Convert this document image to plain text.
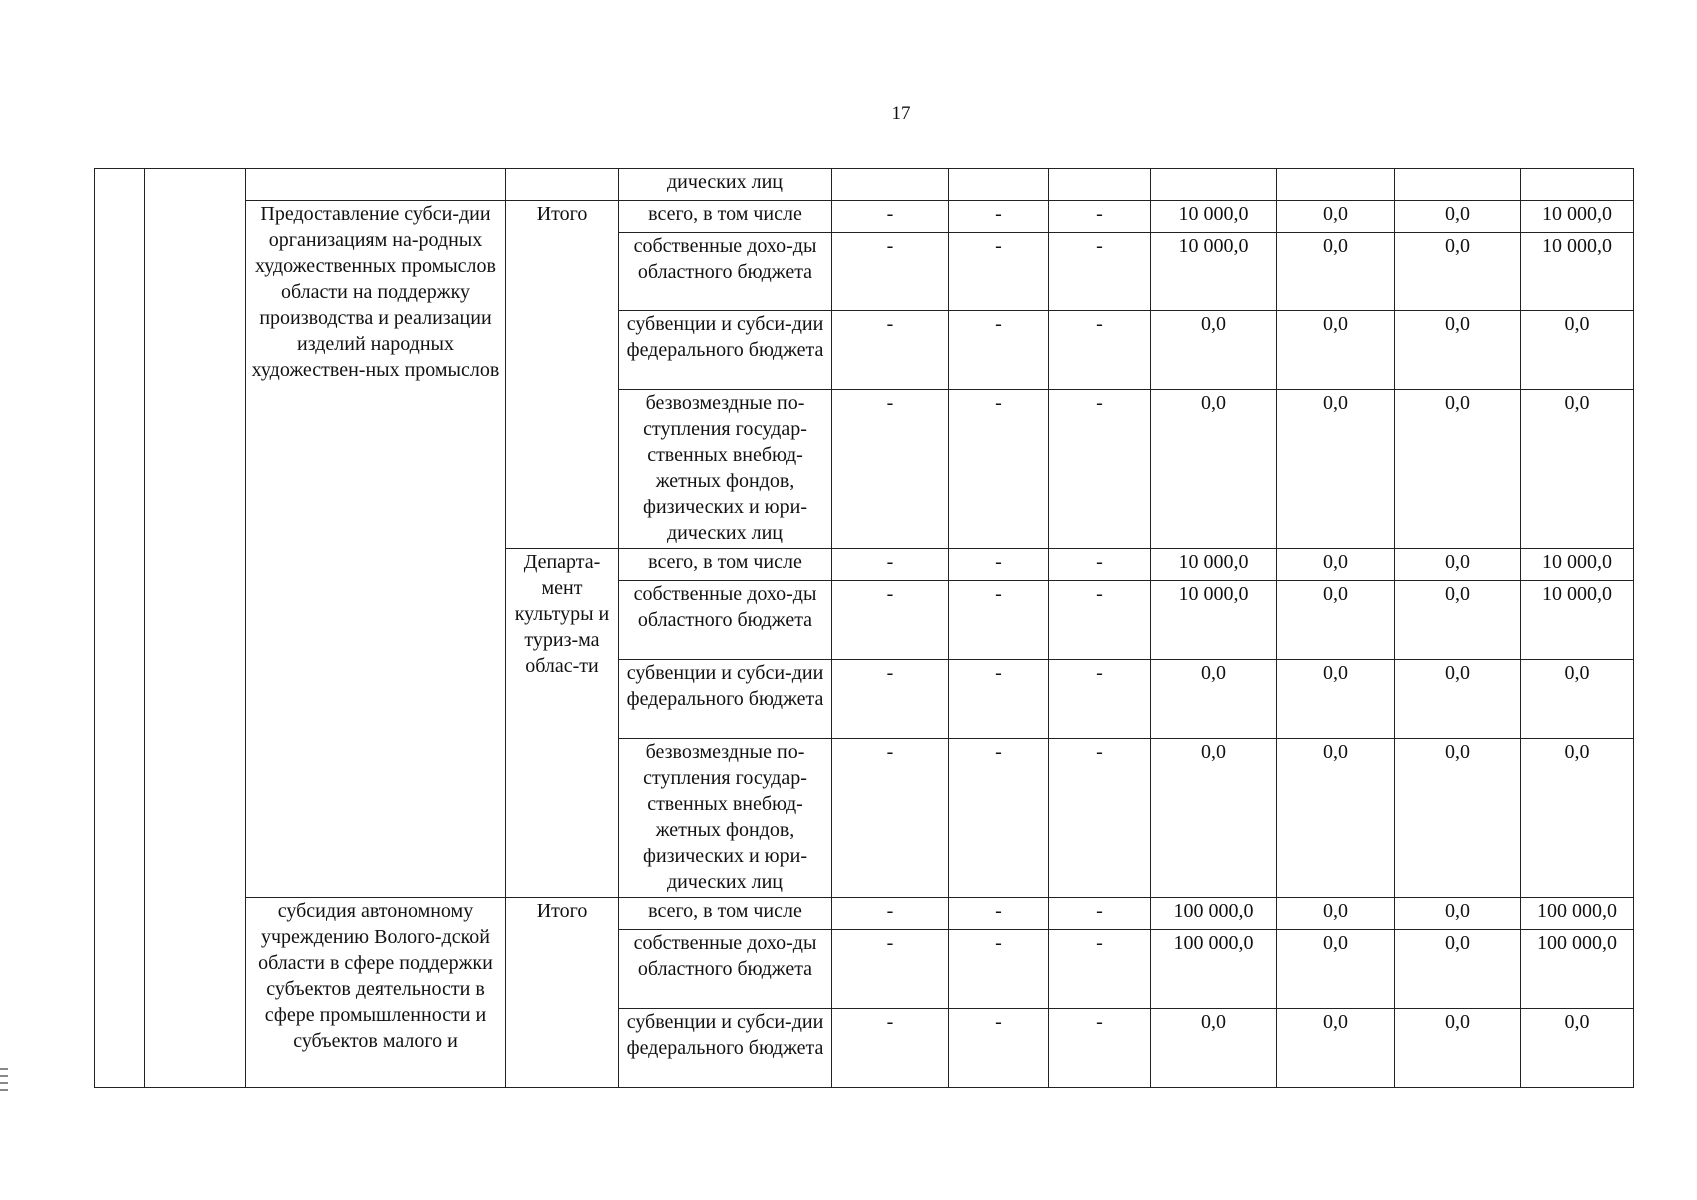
17
				дических лиц							
		Предоставление субси-дии организациям на-родных художественных промыслов области на поддержку производства и реализации изделий народных художествен-ных промыслов	Итого	всего, в том числе	-	-	-	10 000,0	0,0	0,0	10 000,0
				собственные дохо-ды областного бюджета	-	-	-	10 000,0	0,0	0,0	10 000,0
				субвенции и субси-дии федерального бюджета	-	-	-	0,0	0,0	0,0	0,0
				безвозмездные по-ступления государ-ственных внебюд-жетных фондов, физических и юри-дических лиц	-	-	-	0,0	0,0	0,0	0,0
			Департа-мент культуры и туриз-ма облас-ти	всего, в том числе	-	-	-	10 000,0	0,0	0,0	10 000,0
				собственные дохо-ды областного бюджета	-	-	-	10 000,0	0,0	0,0	10 000,0
				субвенции и субси-дии федерального бюджета	-	-	-	0,0	0,0	0,0	0,0
				безвозмездные по-ступления государ-ственных внебюд-жетных фондов, физических и юри-дических лиц	-	-	-	0,0	0,0	0,0	0,0
		субсидия автономному учреждению Волого-дской области в сфере поддержки субъектов деятельности в сфере промышленности и субъектов малого и	Итого	всего, в том числе	-	-	-	100 000,0	0,0	0,0	100 000,0
				собственные дохо-ды областного бюджета	-	-	-	100 000,0	0,0	0,0	100 000,0
				субвенции и субси-дии федерального бюджета	-	-	-	0,0	0,0	0,0	0,0
